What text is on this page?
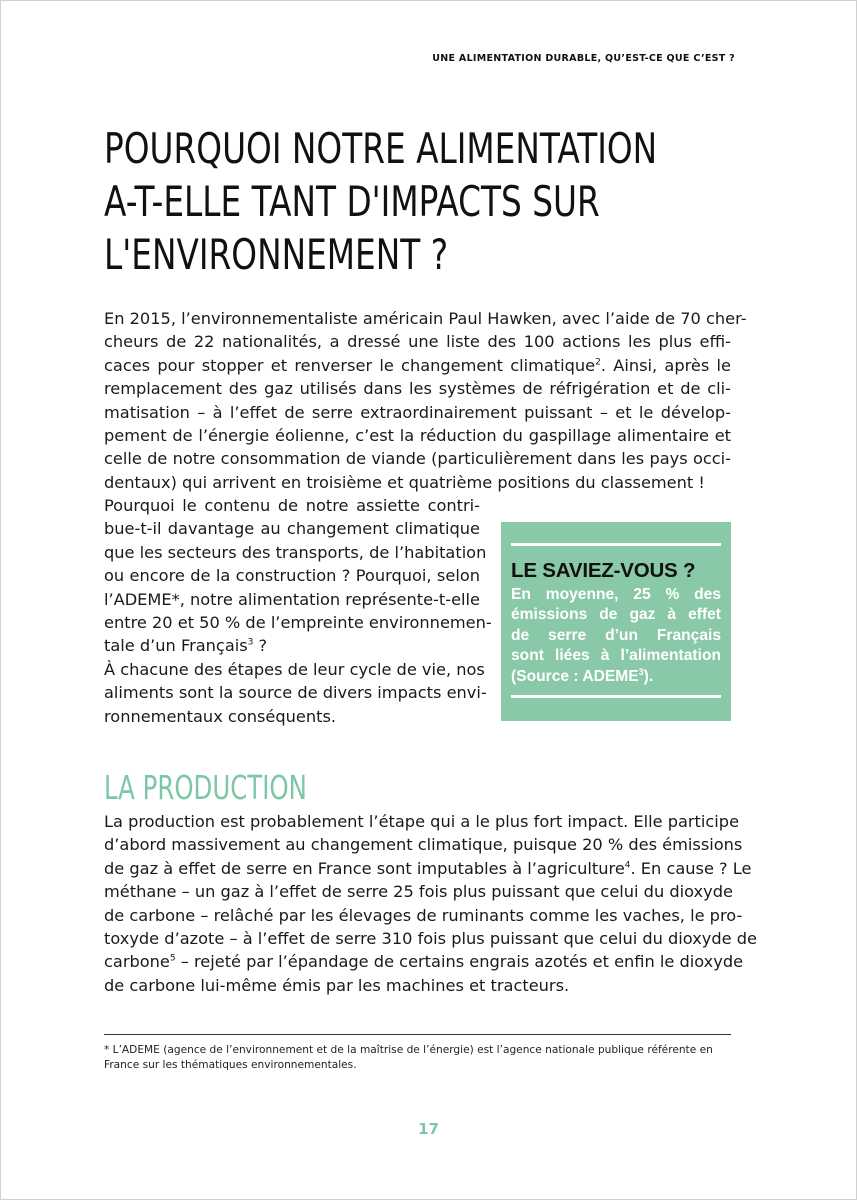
UNE ALIMENTATION DURABLE, QU’EST-CE QUE C’EST ?
POURQUOI NOTRE ALIMENTATION
A-T-ELLE TANT D'IMPACTS SUR
L'ENVIRONNEMENT ?
En 2015, l’environnementaliste américain Paul Hawken, avec l’aide de 70 cher-
cheurs de 22 nationalités, a dressé une liste des 100 actions les plus effi-
caces pour stopper et renverser le changement climatique$^2$. Ainsi, après le
remplacement des gaz utilisés dans les systèmes de réfrigération et de cli-
matisation – à l’effet de serre extraordinairement puissant – et le dévelop-
pement de l’énergie éolienne, c’est la réduction du gaspillage alimentaire et
celle de notre consommation de viande (particulièrement dans les pays occi-
dentaux) qui arrivent en troisième et quatrième positions du classement !
Pourquoi le contenu de notre assiette contri-
bue-t-il davantage au changement climatique
que les secteurs des transports, de l’habitation
ou encore de la construction ? Pourquoi, selon
l’ADEME*, notre alimentation représente-t-elle
entre 20 et 50 % de l’empreinte environnemen-
tale d’un Français$^3$ ?
À chacune des étapes de leur cycle de vie, nos
aliments sont la source de divers impacts envi-
ronnementaux conséquents.
LE SAVIEZ-VOUS ?
En moyenne, 25 % des
émissions de gaz à effet
de serre d’un Français
sont liées à l’alimentation
(Source : ADEME$^3$).
LA PRODUCTION
La production est probablement l’étape qui a le plus fort impact. Elle participe
d’abord massivement au changement climatique, puisque 20 % des émissions
de gaz à effet de serre en France sont imputables à l’agriculture$^4$. En cause ? Le
méthane – un gaz à l’effet de serre 25 fois plus puissant que celui du dioxyde
de carbone – relâché par les élevages de ruminants comme les vaches, le pro-
toxyde d’azote – à l’effet de serre 310 fois plus puissant que celui du dioxyde de
carbone$^5$ – rejeté par l’épandage de certains engrais azotés et enfin le dioxyde
de carbone lui-même émis par les machines et tracteurs.
* L’ADEME (agence de l’environnement et de la maîtrise de l’énergie) est l’agence nationale publique référente en
France sur les thématiques environnementales.
17
